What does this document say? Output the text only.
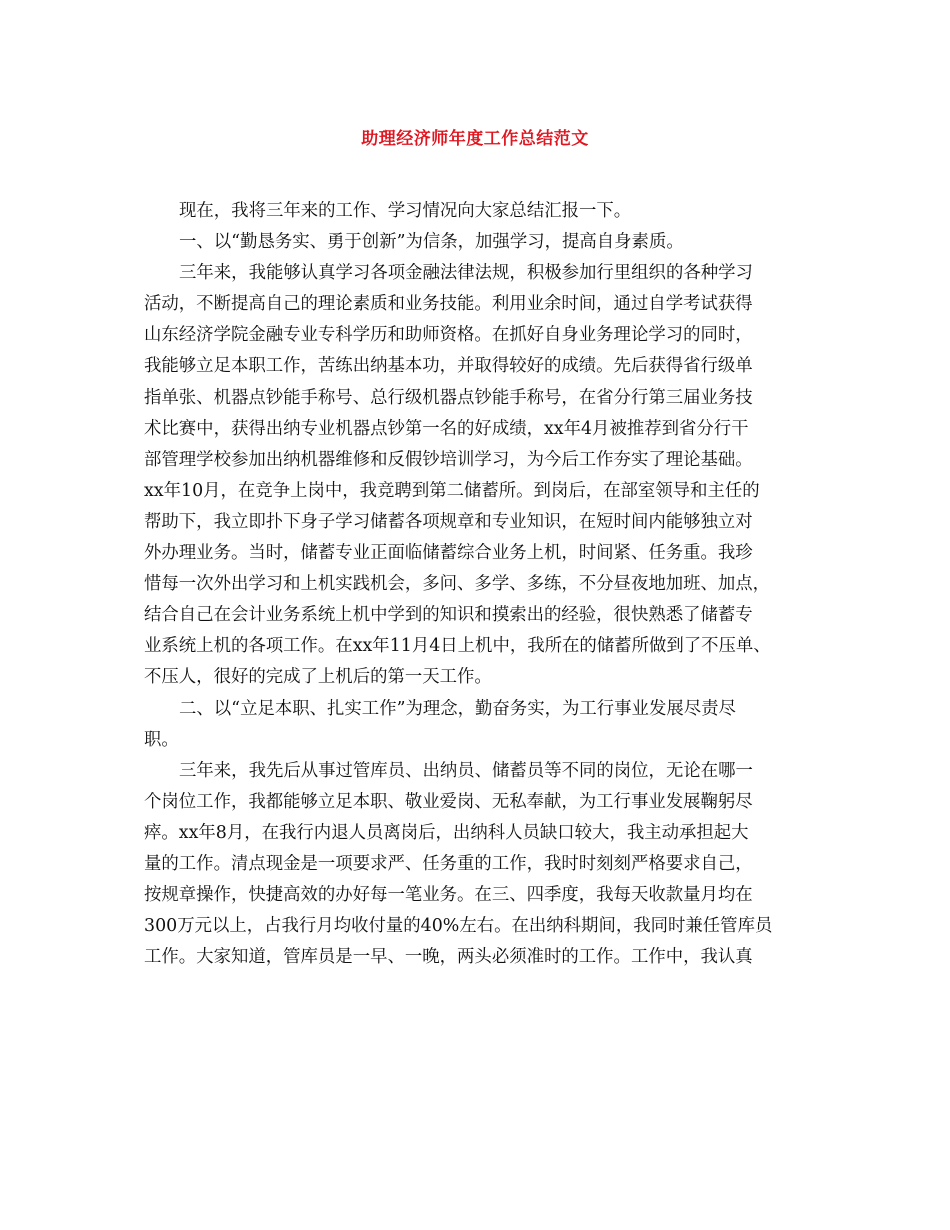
助理经济师年度工作总结范文
现在，我将三年来的工作、学习情况向大家总结汇报一下。
一、以“勤恳务实、勇于创新”为信条，加强学习，提高自身素质。
三年来，我能够认真学习各项金融法律法规，积极参加行里组织的各种学习
活动，不断提高自己的理论素质和业务技能。利用业余时间，通过自学考试获得
山东经济学院金融专业专科学历和助师资格。在抓好自身业务理论学习的同时，
我能够立足本职工作，苦练出纳基本功，并取得较好的成绩。先后获得省行级单
指单张、机器点钞能手称号、总行级机器点钞能手称号，在省分行第三届业务技
术比赛中，获得出纳专业机器点钞第一名的好成绩，xx年4月被推荐到省分行干
部管理学校参加出纳机器维修和反假钞培训学习，为今后工作夯实了理论基础。
xx年10月，在竞争上岗中，我竞聘到第二储蓄所。到岗后，在部室领导和主任的
帮助下，我立即扑下身子学习储蓄各项规章和专业知识，在短时间内能够独立对
外办理业务。当时，储蓄专业正面临储蓄综合业务上机，时间紧、任务重。我珍
惜每一次外出学习和上机实践机会，多问、多学、多练，不分昼夜地加班、加点，
结合自己在会计业务系统上机中学到的知识和摸索出的经验，很快熟悉了储蓄专
业系统上机的各项工作。在xx年11月4日上机中，我所在的储蓄所做到了不压单、
不压人，很好的完成了上机后的第一天工作。
二、以“立足本职、扎实工作”为理念，勤奋务实，为工行事业发展尽责尽
职。
三年来，我先后从事过管库员、出纳员、储蓄员等不同的岗位，无论在哪一
个岗位工作，我都能够立足本职、敬业爱岗、无私奉献，为工行事业发展鞠躬尽
瘁。xx年8月，在我行内退人员离岗后，出纳科人员缺口较大，我主动承担起大
量的工作。清点现金是一项要求严、任务重的工作，我时时刻刻严格要求自己，
按规章操作，快捷高效的办好每一笔业务。在三、四季度，我每天收款量月均在
300万元以上，占我行月均收付量的40%左右。在出纳科期间，我同时兼任管库员
工作。大家知道，管库员是一早、一晚，两头必须准时的工作。工作中，我认真
